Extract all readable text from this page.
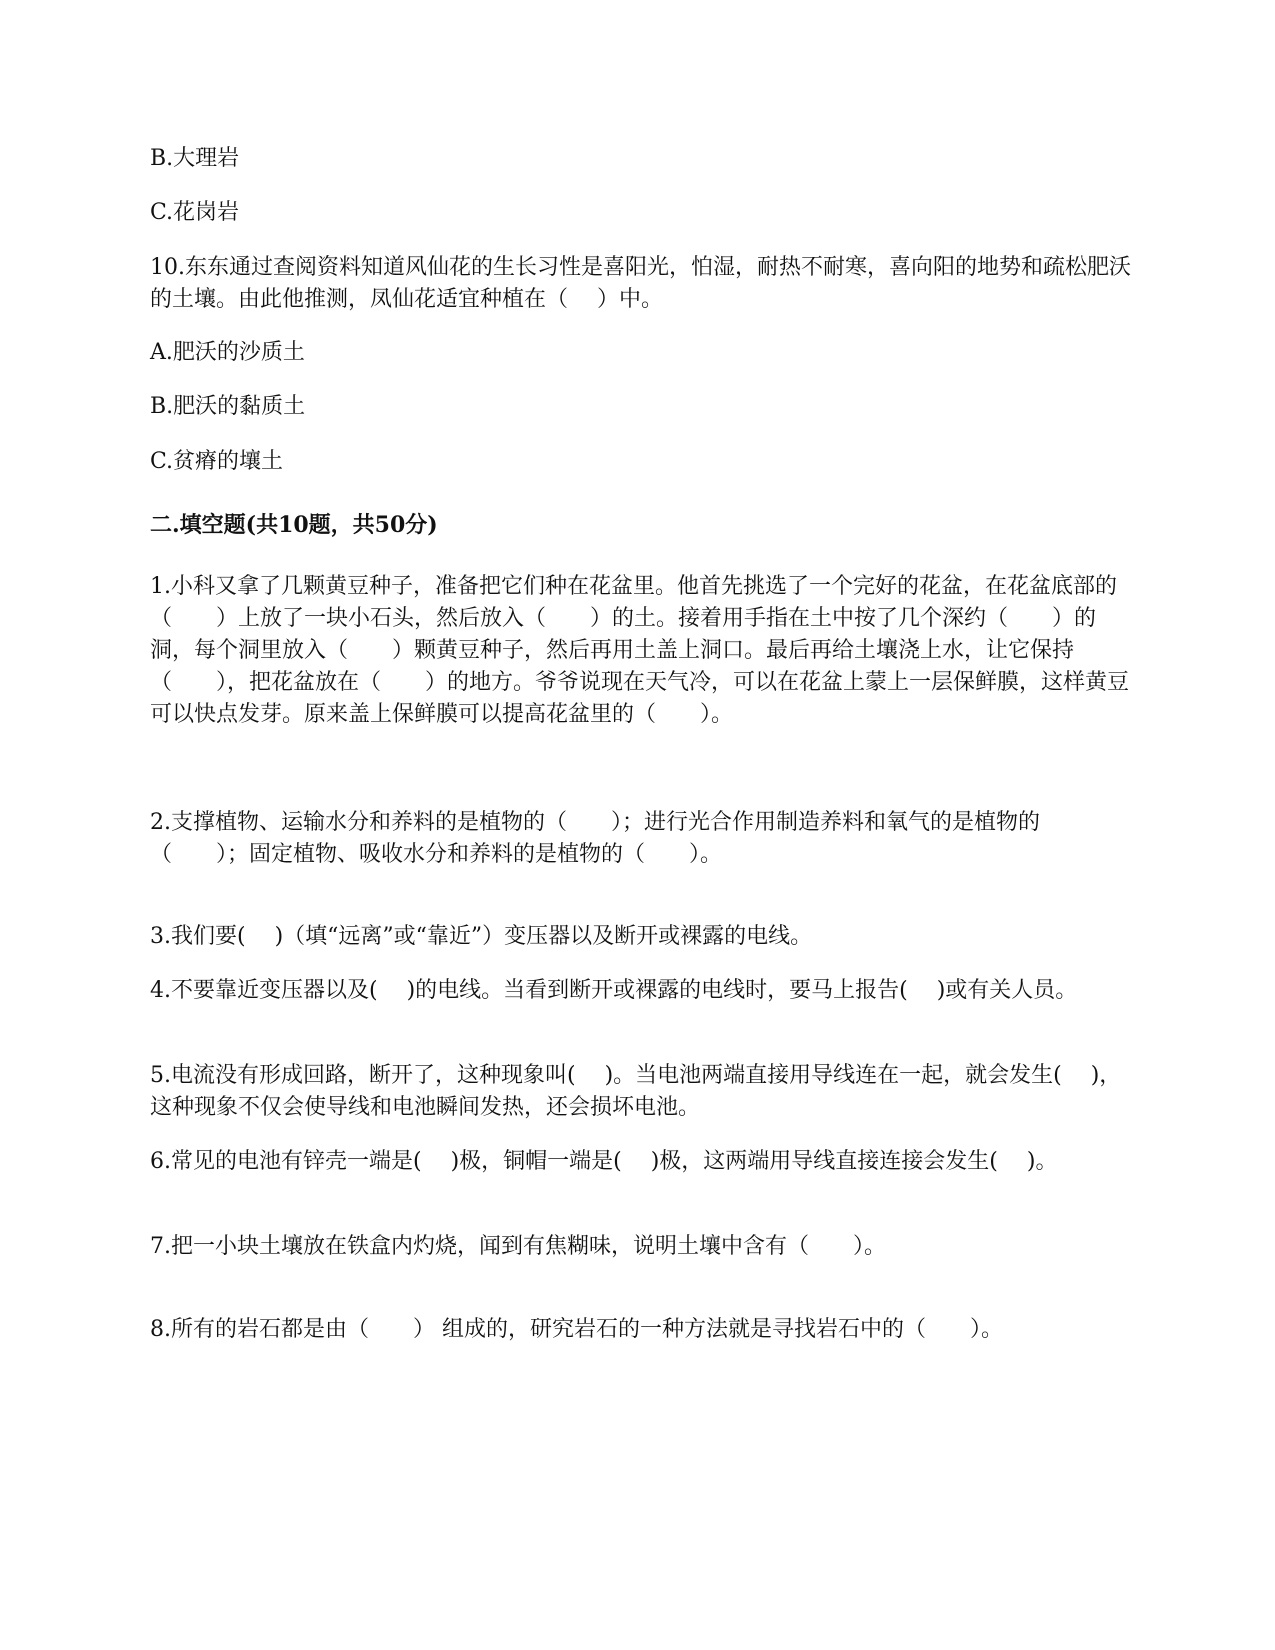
B.大理岩

C.花岗岩

10.东东通过查阅资料知道风仙花的生长习性是喜阳光，怕湿，耐热不耐寒，喜向阳的地势和疏松肥沃的土壤。由此他推测，凤仙花适宜种植在（　 ）中。

A.肥沃的沙质土

B.肥沃的黏质土

C.贫瘠的壤土

二.填空题(共10题，共50分)

1.小科又拿了几颗黄豆种子，准备把它们种在花盆里。他首先挑选了一个完好的花盆，在花盆底部的（　　）上放了一块小石头，然后放入（　　）的土。接着用手指在土中按了几个深约（　　）的洞，每个洞里放入（　　）颗黄豆种子，然后再用土盖上洞口。最后再给土壤浇上水，让它保持（　　），把花盆放在（　　）的地方。爷爷说现在天气冷，可以在花盆上蒙上一层保鲜膜，这样黄豆可以快点发芽。原来盖上保鲜膜可以提高花盆里的（　　）。

2.支撑植物、运输水分和养料的是植物的（　　）；进行光合作用制造养料和氧气的是植物的（　　）；固定植物、吸收水分和养料的是植物的（　　）。

3.我们要(　 )（填“远离”或“靠近”）变压器以及断开或裸露的电线。

4.不要靠近变压器以及(　 )的电线。当看到断开或裸露的电线时，要马上报告(　 )或有关人员。

5.电流没有形成回路，断开了，这种现象叫(　 )。当电池两端直接用导线连在一起，就会发生(　 )，这种现象不仅会使导线和电池瞬间发热，还会损坏电池。

6.常见的电池有锌壳一端是(　 )极，铜帽一端是(　 )极，这两端用导线直接连接会发生(　 )。

7.把一小块土壤放在铁盒内灼烧，闻到有焦糊味，说明土壤中含有（　　）。

8.所有的岩石都是由（　　） 组成的，研究岩石的一种方法就是寻找岩石中的（　　）。
